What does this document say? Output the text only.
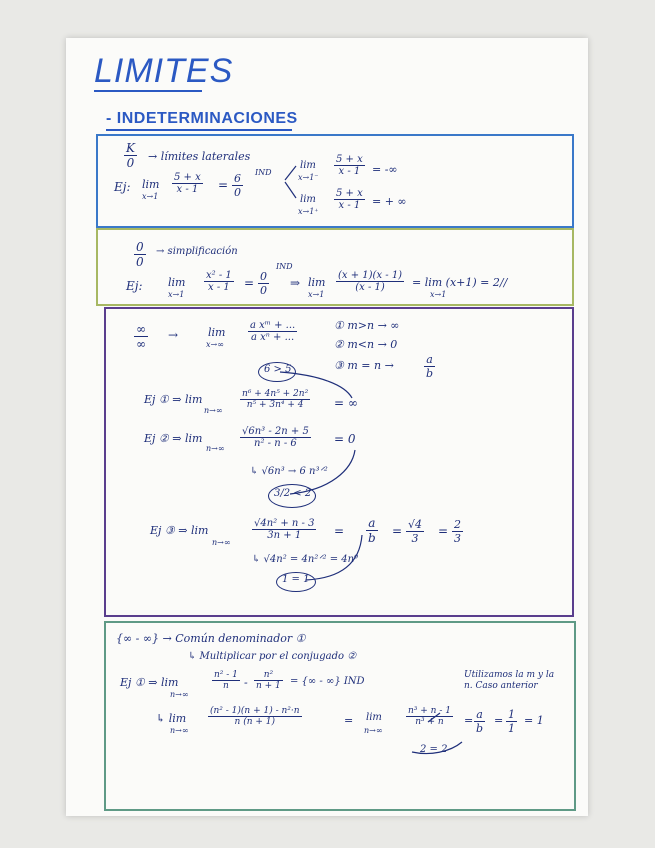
LIMITES
- INDETERMINACIONES
$\frac{K}{0}$ → límites laterales
Ej: lim
x→1
$\frac{5 + x}{x - 1} = \frac{6}{0}$ IND
lim
x→1⁻
$\frac{5 + x}{x - 1}$ = -∞
lim
x→1⁺
$\frac{5 + x}{x - 1}$ = + ∞
$\frac{0}{0}$ → simplificación
Ej: lim
x→1
$\frac{\text{x² - 1}}{x - 1} = \frac{0}{0}$
IND
⇒ lim
x→1
$\frac{(x + 1)(x - 1)}{(x - 1)} = \lim (x+1) = 2//$
x→1
∞
∞
→	lim
x→∞
$\frac{\text{a xᵐ + ...}}{\text{a xⁿ + ...}}$	① m>n → ∞
② m<n → 0
③ m = n →	$\frac{a}{b}$
6 > 5
Ej ① ⇒ lim
n→∞
$\frac{\text{n⁶ + 4n⁵ + 2n²}}{\text{n⁵ + 3n⁴ + 4}}$ = ∞
Ej ② ⇒ lim
$n\to\infty \frac{\text{√6n³ - 2n + 5}}{\text{n² - n - 6}} = 0$
↳ √6n³ → 6 n³ᐟ²
3/2 < 2
Ej ③ ⇒ lim
n→∞
$\frac{\text{√4n² + n - 3}}{3n + 1} = \frac{a}{b} = \frac{√4}{3} = \frac{2}{3}$
↳ √4n² = 4n²ᐟ² = 4n⁰
1 = 1
{∞ - ∞} → Común denominador ①
↳ Multiplicar por el conjugado ②
Ej ① ⇒ lim
n→∞
$\frac{\text{n² - 1}}{n} - \frac{\text{n²}}{n + 1}$ = {∞ - ∞} IND
↳ lim
n→∞
$\frac{\text{(n² - 1)(n + 1) - n²·n}}{n (n + 1)}$	= lim
n→∞
$\frac{\text{n³ + n - 1}}{\text{n³ + n}} = \frac{a}{b} = \frac{1}{1} = 1$
Utilizamos la m y la n. Caso anterior
2 = 2
